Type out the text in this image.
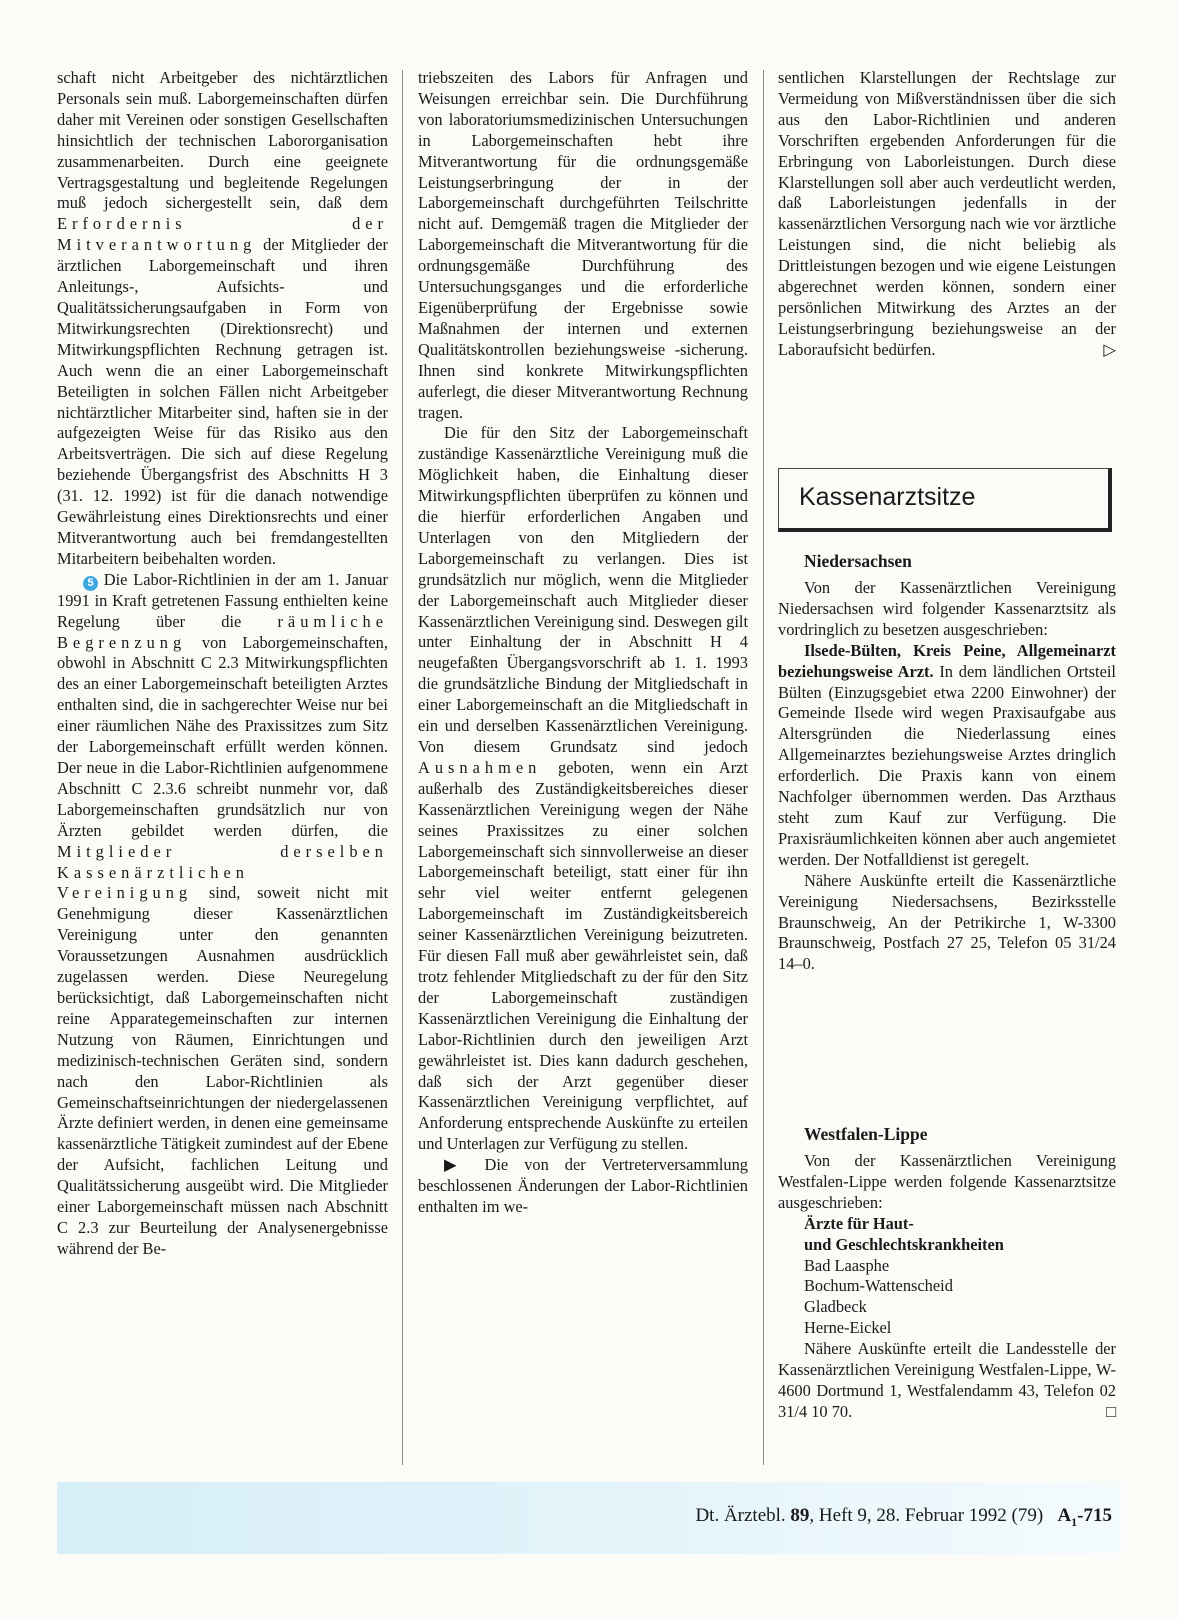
schaft nicht Arbeitgeber des nichtärztlichen Personals sein muß. Laborgemeinschaften dürfen daher mit Vereinen oder sonstigen Gesellschaften hinsichtlich der technischen Labororganisation zusammenarbeiten. Durch eine geeignete Vertragsgestaltung und begleitende Regelungen muß jedoch sichergestellt sein, daß dem Erfordernis der Mitverantwortung der Mitglieder der ärztlichen Laborgemeinschaft und ihren Anleitungs-, Aufsichts- und Qualitätssicherungsaufgaben in Form von Mitwirkungsrechten (Direktionsrecht) und Mitwirkungspflichten Rechnung getragen ist. Auch wenn die an einer Laborgemeinschaft Beteiligten in solchen Fällen nicht Arbeitgeber nichtärztlicher Mitarbeiter sind, haften sie in der aufgezeigten Weise für das Risiko aus den Arbeitsverträgen. Die sich auf diese Regelung beziehende Übergangsfrist des Abschnitts H 3 (31. 12. 1992) ist für die danach notwendige Gewährleistung eines Direktionsrechts und einer Mitverantwortung auch bei fremdangestellten Mitarbeitern beibehalten worden.

5 Die Labor-Richtlinien in der am 1. Januar 1991 in Kraft getretenen Fassung enthielten keine Regelung über die räumliche Begrenzung von Laborgemeinschaften, obwohl in Abschnitt C 2.3 Mitwirkungspflichten des an einer Laborgemeinschaft beteiligten Arztes enthalten sind, die in sachgerechter Weise nur bei einer räumlichen Nähe des Praxissitzes zum Sitz der Laborgemeinschaft erfüllt werden können. Der neue in die Labor-Richtlinien aufgenommene Abschnitt C 2.3.6 schreibt nunmehr vor, daß Laborgemeinschaften grundsätzlich nur von Ärzten gebildet werden dürfen, die Mitglieder derselben Kassenärztlichen Vereinigung sind, soweit nicht mit Genehmigung dieser Kassenärztlichen Vereinigung unter den genannten Voraussetzungen Ausnahmen ausdrücklich zugelassen werden. Diese Neuregelung berücksichtigt, daß Laborgemeinschaften nicht reine Apparategemeinschaften zur internen Nutzung von Räumen, Einrichtungen und medizinisch-technischen Geräten sind, sondern nach den Labor-Richtlinien als Gemeinschaftseinrichtungen der niedergelassenen Ärzte definiert werden, in denen eine gemeinsame kassenärztliche Tätigkeit zumindest auf der Ebene der Aufsicht, fachlichen Leitung und Qualitätssicherung ausgeübt wird. Die Mitglieder einer Laborgemeinschaft müssen nach Abschnitt C 2.3 zur Beurteilung der Analysenergebnisse während der Be-

triebszeiten des Labors für Anfragen und Weisungen erreichbar sein. Die Durchführung von laboratoriumsmedizinischen Untersuchungen in Laborgemeinschaften hebt ihre Mitverantwortung für die ordnungsgemäße Leistungserbringung der in der Laborgemeinschaft durchgeführten Teilschritte nicht auf. Demgemäß tragen die Mitglieder der Laborgemeinschaft die Mitverantwortung für die ordnungsgemäße Durchführung des Untersuchungsganges und die erforderliche Eigenüberprüfung der Ergebnisse sowie Maßnahmen der internen und externen Qualitätskontrollen beziehungsweise -sicherung. Ihnen sind konkrete Mitwirkungspflichten auferlegt, die dieser Mitverantwortung Rechnung tragen.

Die für den Sitz der Laborgemeinschaft zuständige Kassenärztliche Vereinigung muß die Möglichkeit haben, die Einhaltung dieser Mitwirkungspflichten überprüfen zu können und die hierfür erforderlichen Angaben und Unterlagen von den Mitgliedern der Laborgemeinschaft zu verlangen. Dies ist grundsätzlich nur möglich, wenn die Mitglieder der Laborgemeinschaft auch Mitglieder dieser Kassenärztlichen Vereinigung sind. Deswegen gilt unter Einhaltung der in Abschnitt H 4 neugefaßten Übergangsvorschrift ab 1. 1. 1993 die grundsätzliche Bindung der Mitgliedschaft in einer Laborgemeinschaft an die Mitgliedschaft in ein und derselben Kassenärztlichen Vereinigung. Von diesem Grundsatz sind jedoch Ausnahmen geboten, wenn ein Arzt außerhalb des Zuständigkeitsbereiches dieser Kassenärztlichen Vereinigung wegen der Nähe seines Praxissitzes zu einer solchen Laborgemeinschaft sich sinnvollerweise an dieser Laborgemeinschaft beteiligt, statt einer für ihn sehr viel weiter entfernt gelegenen Laborgemeinschaft im Zuständigkeitsbereich seiner Kassenärztlichen Vereinigung beizutreten. Für diesen Fall muß aber gewährleistet sein, daß trotz fehlender Mitgliedschaft zu der für den Sitz der Laborgemeinschaft zuständigen Kassenärztlichen Vereinigung die Einhaltung der Labor-Richtlinien durch den jeweiligen Arzt gewährleistet ist. Dies kann dadurch geschehen, daß sich der Arzt gegenüber dieser Kassenärztlichen Vereinigung verpflichtet, auf Anforderung entsprechende Auskünfte zu erteilen und Unterlagen zur Verfügung zu stellen.

▶ Die von der Vertreterversammlung beschlossenen Änderungen der Labor-Richtlinien enthalten im we-

sentlichen Klarstellungen der Rechtslage zur Vermeidung von Mißverständnissen über die sich aus den Labor-Richtlinien und anderen Vorschriften ergebenden Anforderungen für die Erbringung von Laborleistungen. Durch diese Klarstellungen soll aber auch verdeutlicht werden, daß Laborleistungen jedenfalls in der kassenärztlichen Versorgung nach wie vor ärztliche Leistungen sind, die nicht beliebig als Drittleistungen bezogen und wie eigene Leistungen abgerechnet werden können, sondern einer persönlichen Mitwirkung des Arztes an der Leistungserbringung beziehungsweise an der Laboraufsicht bedürfen.	▷

Kassenarztsitze
Niedersachsen

Von der Kassenärztlichen Vereinigung Niedersachsen wird folgender Kassenarztsitz als vordringlich zu besetzen ausgeschrieben:

Ilsede-Bülten, Kreis Peine, Allgemeinarzt beziehungsweise Arzt. In dem ländlichen Ortsteil Bülten (Einzugsgebiet etwa 2200 Einwohner) der Gemeinde Ilsede wird wegen Praxisaufgabe aus Altersgründen die Niederlassung eines Allgemeinarztes beziehungsweise Arztes dringlich erforderlich. Die Praxis kann von einem Nachfolger übernommen werden. Das Arzthaus steht zum Kauf zur Verfügung. Die Praxisräumlichkeiten können aber auch angemietet werden. Der Notfalldienst ist geregelt.

Nähere Auskünfte erteilt die Kassenärztliche Vereinigung Niedersachsens, Bezirksstelle Braunschweig, An der Petrikirche 1, W-3300 Braunschweig, Postfach 27 25, Telefon 05 31/24 14–0.

Westfalen-Lippe

Von der Kassenärztlichen Vereinigung Westfalen-Lippe werden folgende Kassenarztsitze ausgeschrieben:

Ärzte für Haut-
und Geschlechtskrankheiten
Bad Laasphe
Bochum-Wattenscheid
Gladbeck
Herne-Eickel

Nähere Auskünfte erteilt die Landesstelle der Kassenärztlichen Vereinigung Westfalen-Lippe, W-4600 Dortmund 1, Westfalendamm 43, Telefon 02 31/4 10 70.	□

Dt. Ärztebl. 89, Heft 9, 28. Februar 1992 (79) $A_1-715$
